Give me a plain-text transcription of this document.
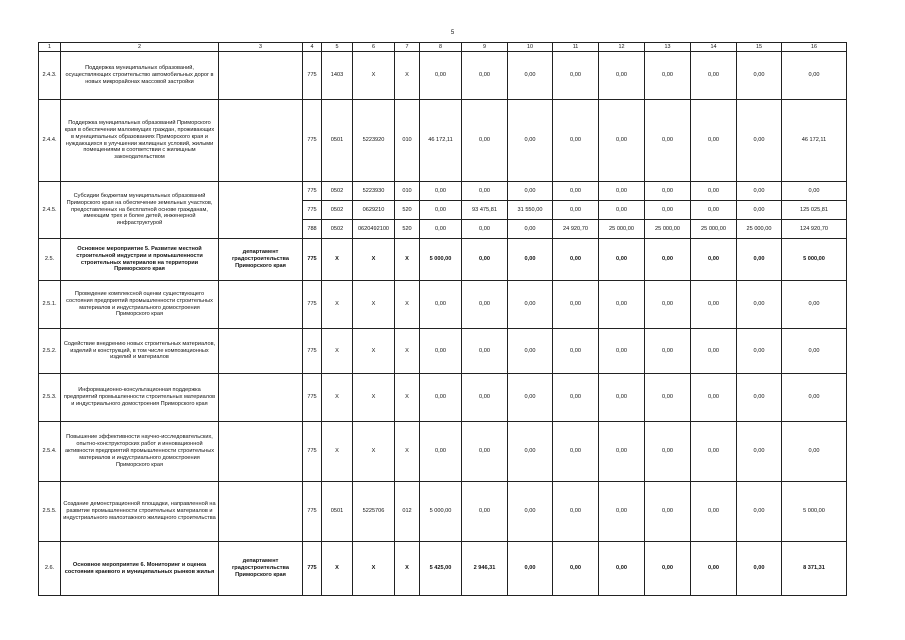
5
1	2	3	4	5	6	7	8	9	10	11	12	13	14	15	16
2.4.3.	Поддержка муниципальных образований, осуществляющих строительство автомобильных дорог в новых микрорайонах массовой застройки		775	1403	Х	Х	0,00	0,00	0,00	0,00	0,00	0,00	0,00	0,00	0,00
2.4.4.	Поддержка муниципальных образований Приморского края в обеспечении малоимущих граждан, проживающих в муниципальных образованиях Приморского края и нуждающихся в улучшении жилищных условий, жилыми помещениями в соответствии с жилищным законодательством		775	0501	5223920	010	46 172,11	0,00	0,00	0,00	0,00	0,00	0,00	0,00	46 172,11
2.4.5.	Субсидии бюджетам муниципальных образований Приморского края на обеспечение земельных участков, предоставленных на бесплатной основе гражданам, имеющим трех и более детей, инженерной инфраструктурой		775	0502	5223930	010	0,00	0,00	0,00	0,00	0,00	0,00	0,00	0,00	0,00
			775	0502	0629210	520	0,00	93 475,81	31 550,00	0,00	0,00	0,00	0,00	0,00	125 025,81
			788	0502	0620492100	520	0,00	0,00	0,00	24 920,70	25 000,00	25 000,00	25 000,00	25 000,00	124 920,70
2.5.	Основное мероприятие 5. Развитие местной строительной индустрии и промышленности строительных материалов на территории Приморского края	департамент градостроительства Приморского края	775	Х	Х	Х	5 000,00	0,00	0,00	0,00	0,00	0,00	0,00	0,00	5 000,00
2.5.1.	Проведение комплексной оценки существующего состояния предприятий промышленности строительных материалов и индустриального домостроения Приморского края		775	Х	Х	Х	0,00	0,00	0,00	0,00	0,00	0,00	0,00	0,00	0,00
2.5.2.	Содействие внедрению новых строительных материалов, изделий и конструкций, в том числе композиционных изделий и материалов		775	Х	Х	Х	0,00	0,00	0,00	0,00	0,00	0,00	0,00	0,00	0,00
2.5.3.	Информационно-консультационная поддержка предприятий промышленности строительных материалов и индустриального домостроения Приморского края		775	Х	Х	Х	0,00	0,00	0,00	0,00	0,00	0,00	0,00	0,00	0,00
2.5.4.	Повышение эффективности научно-исследовательских, опытно-конструкторских работ и инновационной активности предприятий промышленности строительных материалов и индустриального домостроения Приморского края		775	Х	Х	Х	0,00	0,00	0,00	0,00	0,00	0,00	0,00	0,00	0,00
2.5.5.	Создание демонстрационной площадки, направленной на развитие промышленности строительных материалов и индустриального малоэтажного жилищного строительства		775	0501	5225706	012	5 000,00	0,00	0,00	0,00	0,00	0,00	0,00	0,00	5 000,00
2.6.	Основное мероприятие 6. Мониторинг и оценка состояния краевого и муниципальных рынков жилья	департамент градостроительства Приморского края	775	Х	Х	Х	5 425,00	2 946,31	0,00	0,00	0,00	0,00	0,00	0,00	8 371,31
